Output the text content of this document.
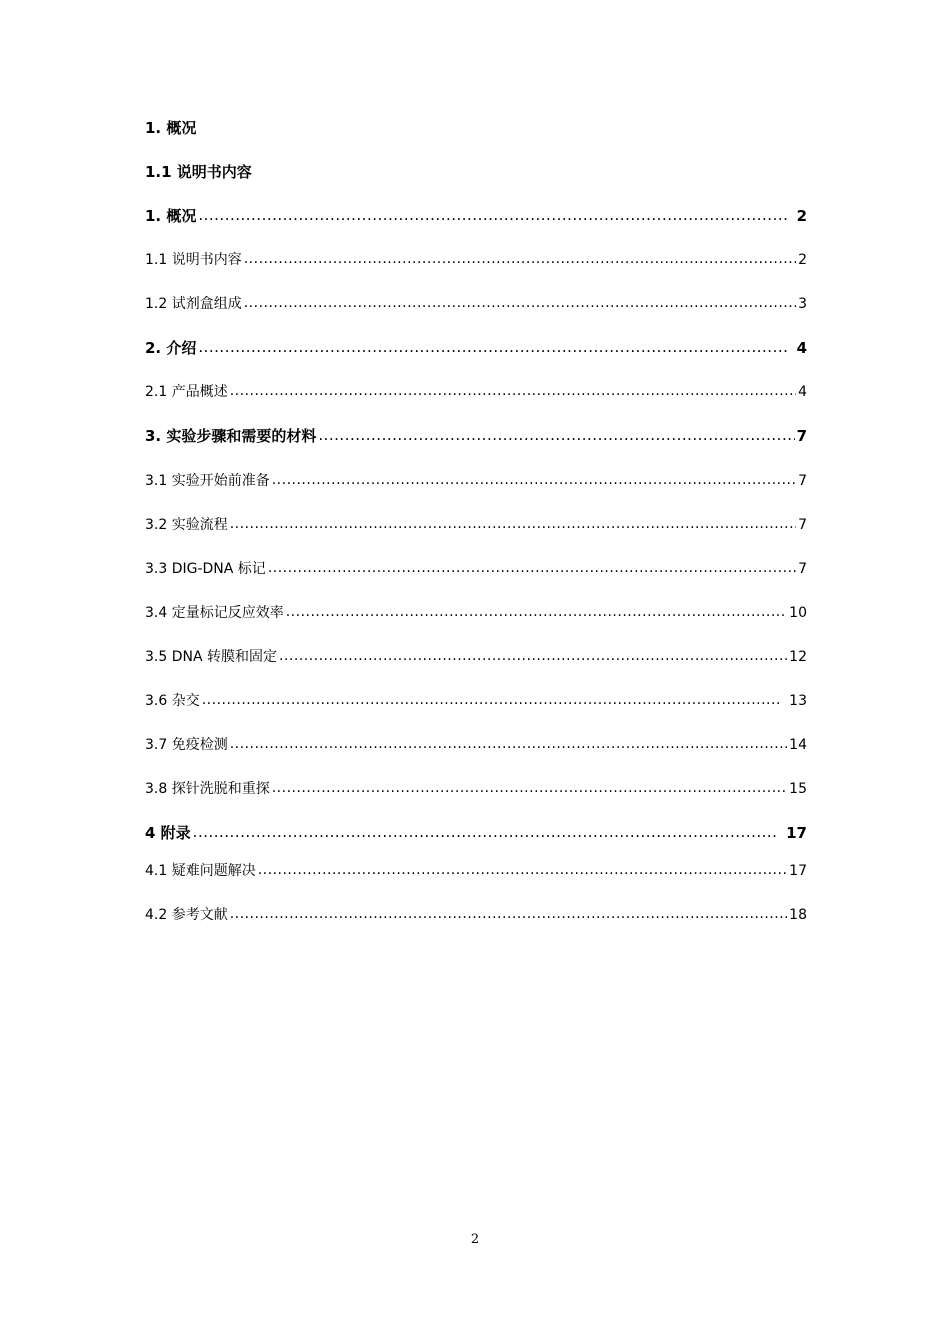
1. 概况
1.1 说明书内容
1. 概况 .....	2
1.1 说明书内容 .....	2
1.2 试剂盒组成 .....	3
2. 介绍 .....	4
2.1 产品概述 .....	4
3. 实验步骤和需要的材料 .....	7
3.1 实验开始前准备 .....	7
3.2 实验流程 .....	7
3.3 DIG-DNA 标记 .....	7
3.4 定量标记反应效率 .....	10
3.5 DNA 转膜和固定 .....	12
3.6 杂交 .....	13
3.7 免疫检测 .....	14
3.8 探针洗脱和重探 .....	15
4 附录 .....	17
4.1 疑难问题解决 .....	17
4.2 参考文献 .....	18
2
